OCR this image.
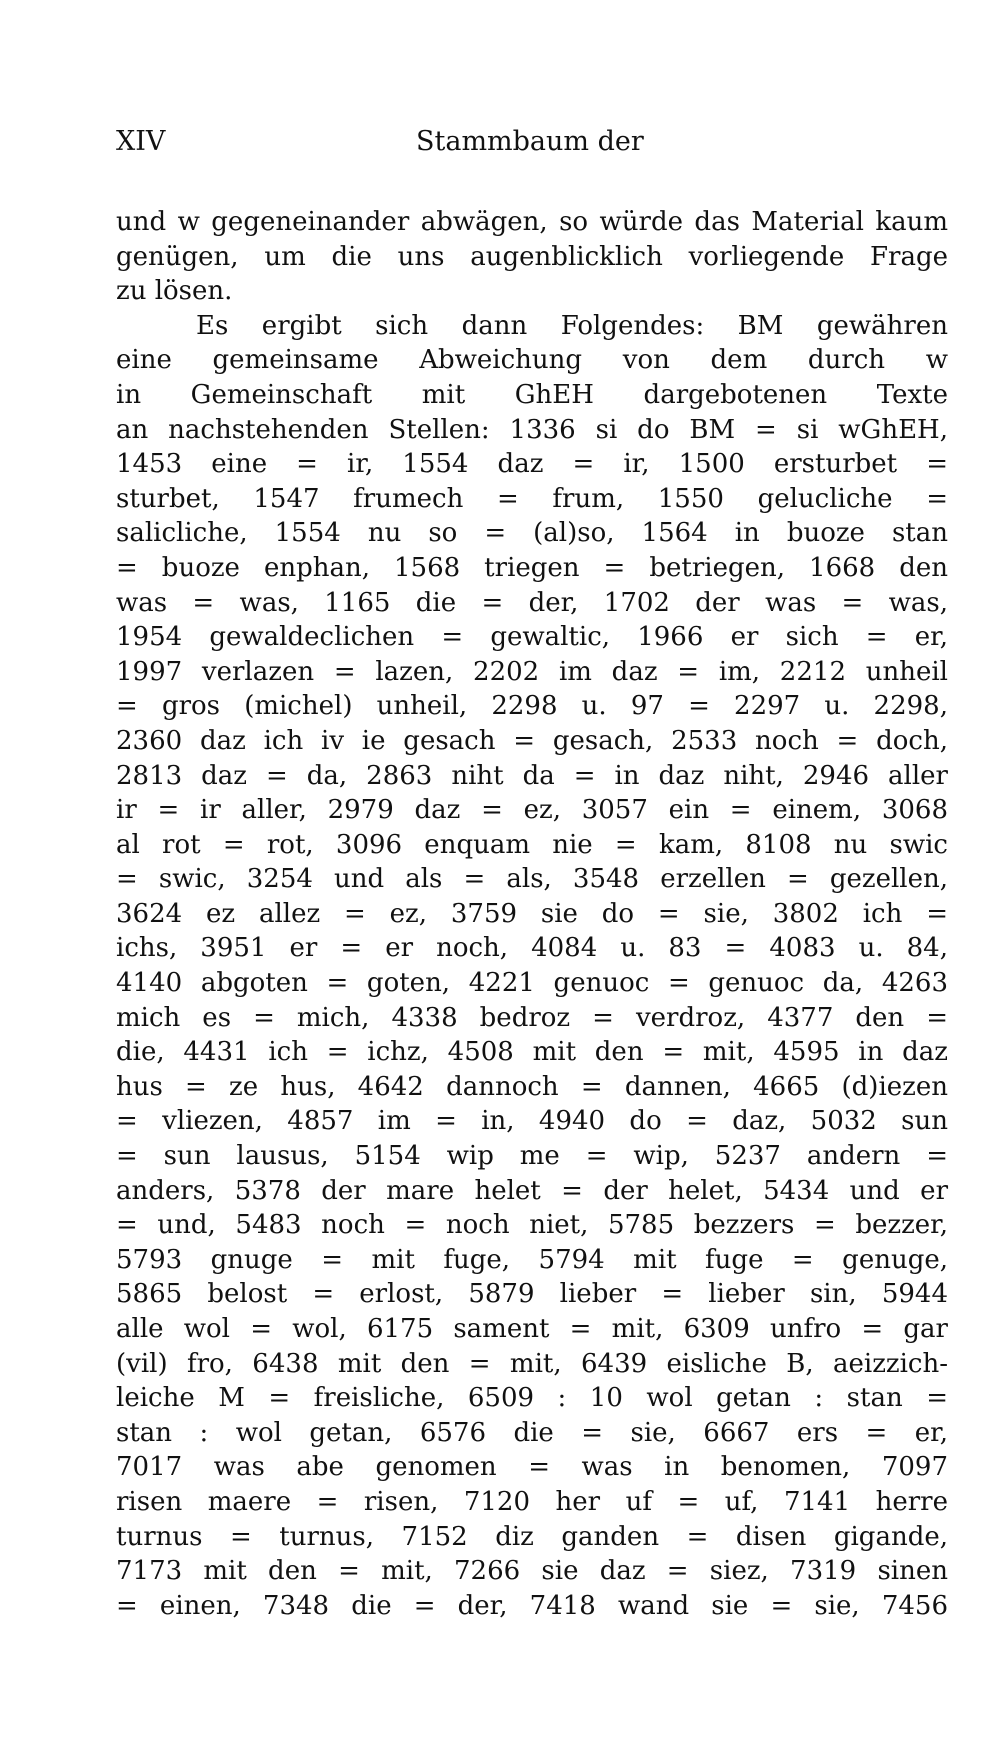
XIV	Stammbaum der
und w gegeneinander abwägen, so würde das Material kaum
genügen, um die uns augenblicklich vorliegende Frage
zu lösen.
Es ergibt sich dann Folgendes: BM gewähren
eine gemeinsame Abweichung von dem durch w
in Gemeinschaft mit GhEH dargebotenen Texte
an nachstehenden Stellen: 1336 si do BM = si wGhEH,
1453 eine = ir, 1554 daz = ir, 1500 ersturbet =
sturbet, 1547 frumech = frum, 1550 gelucliche =
salicliche, 1554 nu so = (al)so, 1564 in buoze stan
= buoze enphan, 1568 triegen = betriegen, 1668 den
was = was, 1165 die = der, 1702 der was = was,
1954 gewaldeclichen = gewaltic, 1966 er sich = er,
1997 verlazen = lazen, 2202 im daz = im, 2212 unheil
= gros (michel) unheil, 2298 u. 97 = 2297 u. 2298,
2360 daz ich iv ie gesach = gesach, 2533 noch = doch,
2813 daz = da, 2863 niht da = in daz niht, 2946 aller
ir = ir aller, 2979 daz = ez, 3057 ein = einem, 3068
al rot = rot, 3096 enquam nie = kam, 8108 nu swic
= swic, 3254 und als = als, 3548 erzellen = gezellen,
3624 ez allez = ez, 3759 sie do = sie, 3802 ich =
ichs, 3951 er = er noch, 4084 u. 83 = 4083 u. 84,
4140 abgoten = goten, 4221 genuoc = genuoc da, 4263
mich es = mich, 4338 bedroz = verdroz, 4377 den =
die, 4431 ich = ichz, 4508 mit den = mit, 4595 in daz
hus = ze hus, 4642 dannoch = dannen, 4665 (d)iezen
= vliezen, 4857 im = in, 4940 do = daz, 5032 sun
= sun lausus, 5154 wip me = wip, 5237 andern =
anders, 5378 der mare helet = der helet, 5434 und er
= und, 5483 noch = noch niet, 5785 bezzers = bezzer,
5793 gnuge = mit fuge, 5794 mit fuge = genuge,
5865 belost = erlost, 5879 lieber = lieber sin, 5944
alle wol = wol, 6175 sament = mit, 6309 unfro = gar
(vil) fro, 6438 mit den = mit, 6439 eisliche B, aeizzich-
leiche M = freisliche, 6509 : 10 wol getan : stan =
stan : wol getan, 6576 die = sie, 6667 ers = er,
7017 was abe genomen = was in benomen, 7097
risen maere = risen, 7120 her uf = uf, 7141 herre
turnus = turnus, 7152 diz ganden = disen gigande,
7173 mit den = mit, 7266 sie daz = siez, 7319 sinen
= einen, 7348 die = der, 7418 wand sie = sie, 7456
